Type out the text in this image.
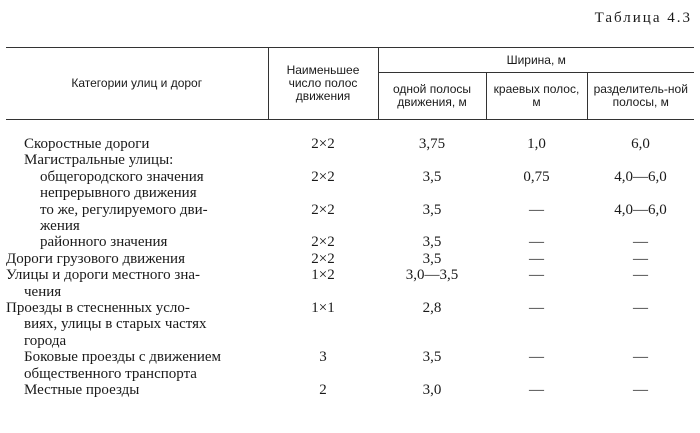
Таблица 4.3
Категории улиц и дорог	Наименьшее число полос движения	Ширина, м		
		одной полосы движения, м	краевых полос, м	разделитель-ной полосы, м

Скоростные дороги	2×2	3,75	1,0	6,0

Магистральные улицы:				

общегородского значения
непрерывного движения	2×2	3,5	0,75	4,0—6,0

то же, регулируемого дви-
жения	2×2	3,5	—	4,0—6,0

районного значения	2×2	3,5	—	—

Дороги грузового движения	2×2	3,5	—	—

Улицы и дороги местного зна-
чения	1×2	3,0—3,5	—	—

Проезды в стесненных усло-
виях, улицы в старых частях
города	1×1	2,8	—	—

Боковые проезды с движением
общественного транспорта	3	3,5	—	—

Местные проезды	2	3,0	—	—
